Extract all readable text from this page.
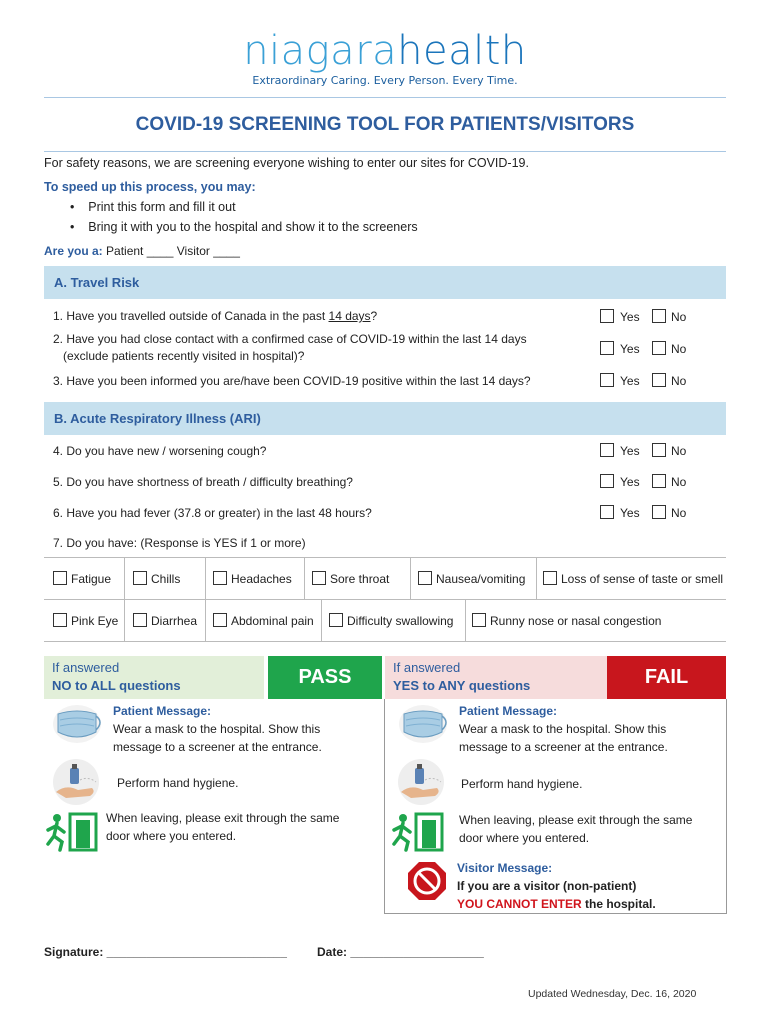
niagarahealth
Extraordinary Caring. Every Person. Every Time.
COVID-19 SCREENING TOOL FOR PATIENTS/VISITORS
For safety reasons, we are screening everyone wishing to enter our sites for COVID-19.
To speed up this process, you may:
•    Print this form and fill it out
•    Bring it with you to the hospital and show it to the screeners
Are you a: Patient ____ Visitor ____
A. Travel Risk
1. Have you travelled outside of Canada in the past 14 days?	Yes	No
2. Have you had close contact with a confirmed case of COVID-19 within the last 14 days
(exclude patients recently visited in hospital)?	Yes	No
3. Have you been informed you are/have been COVID-19 positive within the last 14 days?	Yes	No
B. Acute Respiratory Illness (ARI)
4. Do you have new / worsening cough?	Yes	No
5. Do you have shortness of breath / difficulty breathing?	Yes	No
6. Have you had fever (37.8 or greater) in the last 48 hours?	Yes	No
7. Do you have: (Response is YES if 1 or more)
Fatigue	Chills	Headaches	Sore throat	Nausea/vomiting	Loss of sense of taste or smell
Pink Eye	Diarrhea	Abdominal pain	Difficulty swallowing	Runny nose or nasal congestion
If answered
NO to ALL questions	PASS	If answered
YES to ANY questions	FAIL
Patient Message:
Wear a mask to the hospital. Show this
message to a screener at the entrance.
Perform hand hygiene.
When leaving, please exit through the same
door where you entered.
Patient Message:
Wear a mask to the hospital. Show this
message to a screener at the entrance.
Perform hand hygiene.
When leaving, please exit through the same
door where you entered.
Visitor Message:
If you are a visitor (non-patient)
YOU CANNOT ENTER the hospital.
Signature: ___________________________	Date: ____________________
Updated Wednesday, Dec. 16, 2020
